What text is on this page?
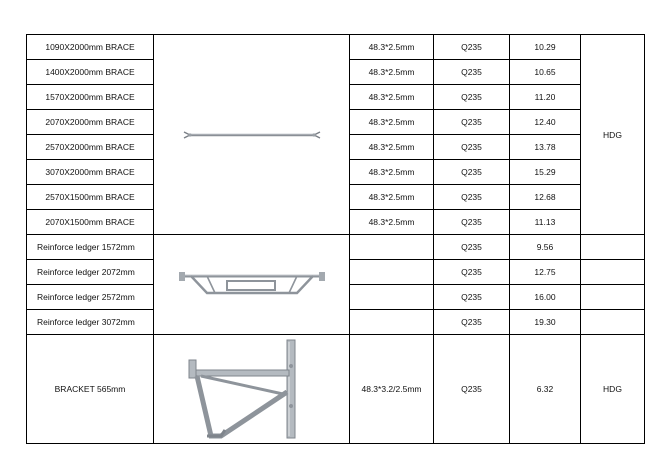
1090X2000mm BRACE		48.3*2.5mm	Q235	10.29	HDG
1400X2000mm BRACE		48.3*2.5mm	Q235	10.65	
1570X2000mm BRACE		48.3*2.5mm	Q235	11.20	
2070X2000mm BRACE		48.3*2.5mm	Q235	12.40	
2570X2000mm BRACE		48.3*2.5mm	Q235	13.78	
3070X2000mm BRACE		48.3*2.5mm	Q235	15.29	
2570X1500mm BRACE		48.3*2.5mm	Q235	12.68	
2070X1500mm BRACE		48.3*2.5mm	Q235	11.13	
Reinforce ledger 1572mm			Q235	9.56	
Reinforce ledger 2072mm			Q235	12.75	
Reinforce ledger 2572mm			Q235	16.00	
Reinforce ledger 3072mm			Q235	19.30	
BRACKET 565mm		48.3*3.2/2.5mm	Q235	6.32	HDG
